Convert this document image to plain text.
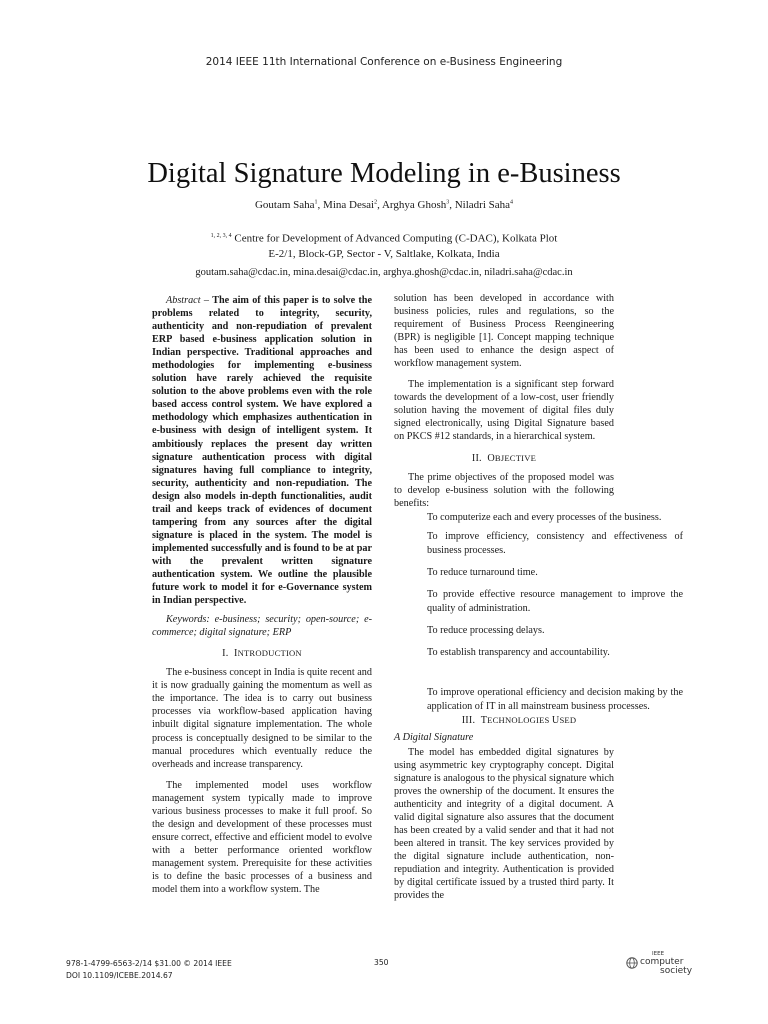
2014 IEEE 11th International Conference on e-Business Engineering
Digital Signature Modeling in e-Business
Goutam Saha$^1$, Mina Desai$^2$, Arghya Ghosh$^3$, Niladri Saha$^4$
$^{1, 2, 3, 4}$ Centre for Development of Advanced Computing (C-DAC), Kolkata Plot
E-2/1, Block-GP, Sector - V, Saltlake, Kolkata, India
goutam.saha@cdac.in, mina.desai@cdac.in, arghya.ghosh@cdac.in, niladri.saha@cdac.in

Abstract – The aim of this paper is to solve the problems related to integrity, security, authenticity and non-repudiation of prevalent ERP based e-business application solution in Indian perspective. Traditional approaches and methodologies for implementing e-business solution have rarely achieved the requisite solution to the above problems even with the role based access control system. We have explored a methodology which emphasizes authentication in e-business with design of intelligent system. It ambitiously replaces the present day written signature authentication process with digital signatures having full compliance to integrity, security, authenticity and non-repudiation. The design also models in-depth functionalities, audit trail and keeps track of evidences of document tampering from any sources after the digital signature is placed in the system. The model is implemented successfully and is found to be at par with the prevalent written signature authentication system. We outline the plausible future work to model it for e-Governance system in Indian perspective.

Keywords: e-business; security; open-source; e-commerce; digital signature; ERP

I. INTRODUCTION

The e-business concept in India is quite recent and it is now gradually gaining the momentum as well as the importance. The idea is to carry out business processes via workflow-based application having inbuilt digital signature implementation. The whole process is conceptually designed to be similar to the manual procedures which eventually reduce the overheads and increase transparency.

The implemented model uses workflow management system typically made to improve various business processes to make it full proof. So the design and development of these processes must ensure correct, effective and efficient model to evolve with a better performance oriented workflow management system. Prerequisite for these activities is to define the basic processes of a business and model them into a workflow system. The

solution has been developed in accordance with business policies, rules and regulations, so the requirement of Business Process Reengineering (BPR) is negligible [1]. Concept mapping technique has been used to enhance the design aspect of workflow management system.

The implementation is a significant step forward towards the development of a low-cost, user friendly solution having the movement of digital files duly signed electronically, using Digital Signature based on PKCS #12 standards, in a hierarchical system.

II. OBJECTIVE

The prime objectives of the proposed model was to develop e-business solution with the following benefits:

To computerize each and every processes of the business.
To improve efficiency, consistency and effectiveness of business processes.
To reduce turnaround time.
To provide effective resource management to improve the quality of administration.
To reduce processing delays.
To establish transparency and accountability.
To improve operational efficiency and decision making by the application of IT in all mainstream business processes.
III. TECHNOLOGIES USED
A Digital Signature

The model has embedded digital signatures by using asymmetric key cryptography concept. Digital signature is analogous to the physical signature which proves the ownership of the document. It ensures the authenticity and integrity of a digital document. A valid digital signature also assures that the document has been created by a valid sender and that it had not been altered in transit. The key services provided by the digital signature include authentication, non-repudiation and integrity. Authentication is provided by digital certificate issued by a trusted third party. It provides the

978-1-4799-6563-2/14 $31.00 © 2014 IEEE
DOI 10.1109/ICEBE.2014.67
350
IEEE
computer
society
